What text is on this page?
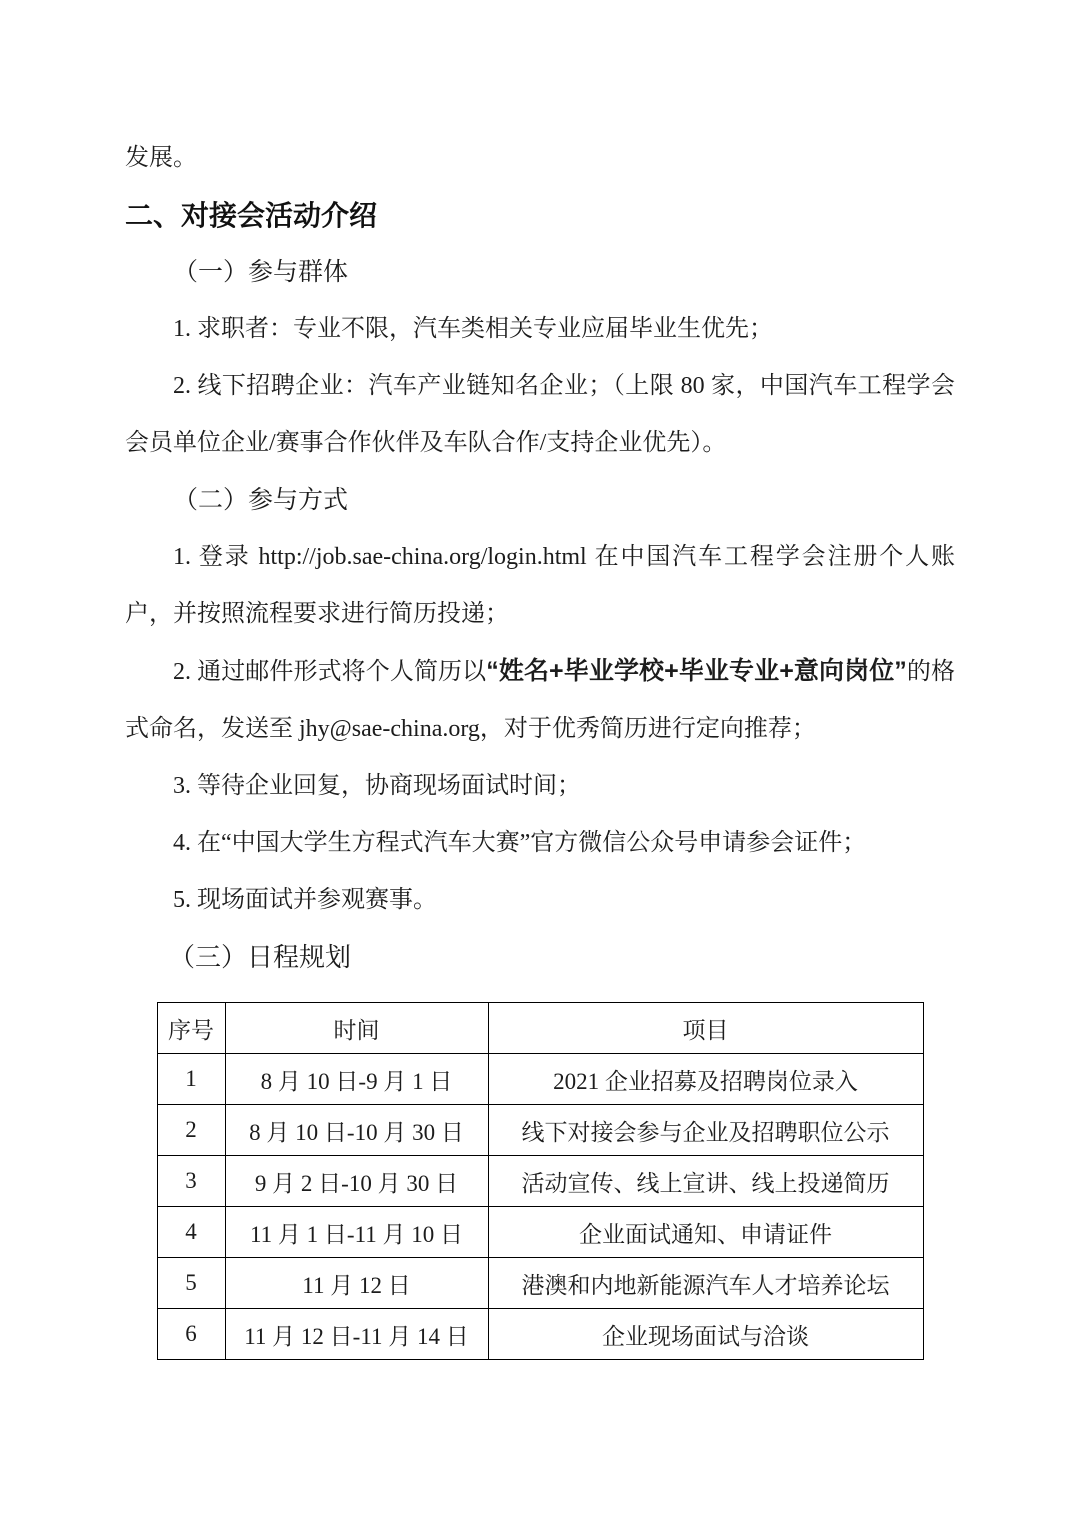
发展。

二、对接会活动介绍

（一）参与群体

1. 求职者：专业不限，汽车类相关专业应届毕业生优先；

2. 线下招聘企业：汽车产业链知名企业；（上限 80 家，中国汽车工程学会会员单位企业/赛事合作伙伴及车队合作/支持企业优先）。

（二）参与方式

1. 登录 http://job.sae-china.org/login.html 在中国汽车工程学会注册个人账户，并按照流程要求进行简历投递；

2. 通过邮件形式将个人简历以“姓名+毕业学校+毕业专业+意向岗位”的格式命名，发送至 jhy@sae-china.org，对于优秀简历进行定向推荐；

3. 等待企业回复，协商现场面试时间；

4. 在“中国大学生方程式汽车大赛”官方微信公众号申请参会证件；

5. 现场面试并参观赛事。

（三）日程规划

序号	时间	项目
1	8 月 10 日-9 月 1 日	2021 企业招募及招聘岗位录入
2	8 月 10 日-10 月 30 日	线下对接会参与企业及招聘职位公示
3	9 月 2 日-10 月 30 日	活动宣传、线上宣讲、线上投递简历
4	11 月 1 日-11 月 10 日	企业面试通知、申请证件
5	11 月 12 日	港澳和内地新能源汽车人才培养论坛
6	11 月 12 日-11 月 14 日	企业现场面试与洽谈
